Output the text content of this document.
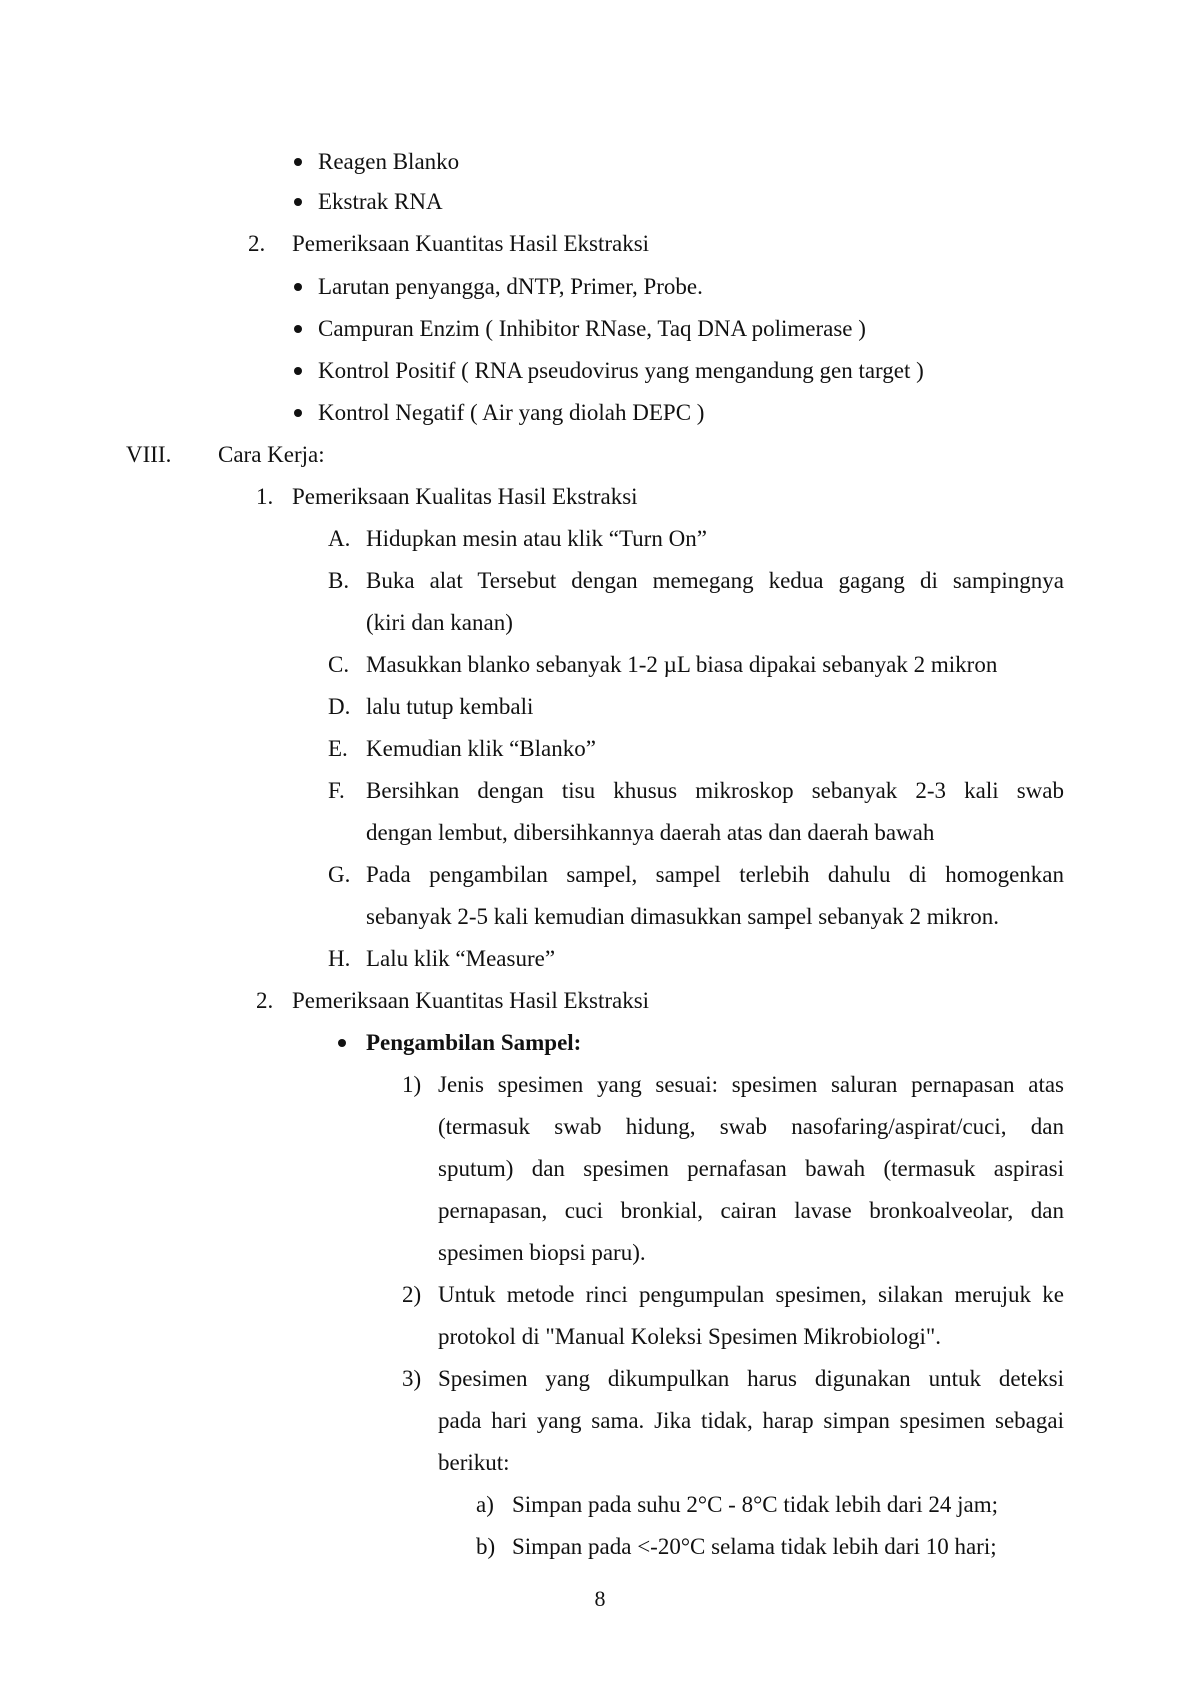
Reagen Blanko
Ekstrak RNA
2. Pemeriksaan Kuantitas Hasil Ekstraksi
Larutan penyangga, dNTP, Primer, Probe.
Campuran Enzim ( Inhibitor RNase, Taq DNA polimerase )
Kontrol Positif ( RNA pseudovirus yang mengandung gen target )
Kontrol Negatif ( Air yang diolah DEPC )
VIII. Cara Kerja:
1. Pemeriksaan Kualitas Hasil Ekstraksi
A. Hidupkan mesin atau klik “Turn On”
B. Buka alat Tersebut dengan memegang kedua gagang di sampingnya
(kiri dan kanan)
C. Masukkan blanko sebanyak 1-2 µL biasa dipakai sebanyak 2 mikron
D. lalu tutup kembali
E. Kemudian klik “Blanko”
F. Bersihkan dengan tisu khusus mikroskop sebanyak 2-3 kali swab
dengan lembut, dibersihkannya daerah atas dan daerah bawah
G. Pada pengambilan sampel, sampel terlebih dahulu di homogenkan
sebanyak 2-5 kali kemudian dimasukkan sampel sebanyak 2 mikron.
H. Lalu klik “Measure”
2. Pemeriksaan Kuantitas Hasil Ekstraksi
Pengambilan Sampel:
1) Jenis spesimen yang sesuai: spesimen saluran pernapasan atas
(termasuk swab hidung, swab nasofaring/aspirat/cuci, dan
sputum) dan spesimen pernafasan bawah (termasuk aspirasi
pernapasan, cuci bronkial, cairan lavase bronkoalveolar, dan
spesimen biopsi paru).
2) Untuk metode rinci pengumpulan spesimen, silakan merujuk ke
protokol di "Manual Koleksi Spesimen Mikrobiologi".
3) Spesimen yang dikumpulkan harus digunakan untuk deteksi
pada hari yang sama. Jika tidak, harap simpan spesimen sebagai
berikut:
a) Simpan pada suhu 2°C - 8°C tidak lebih dari 24 jam;
b) Simpan pada <-20°C selama tidak lebih dari 10 hari;
8
